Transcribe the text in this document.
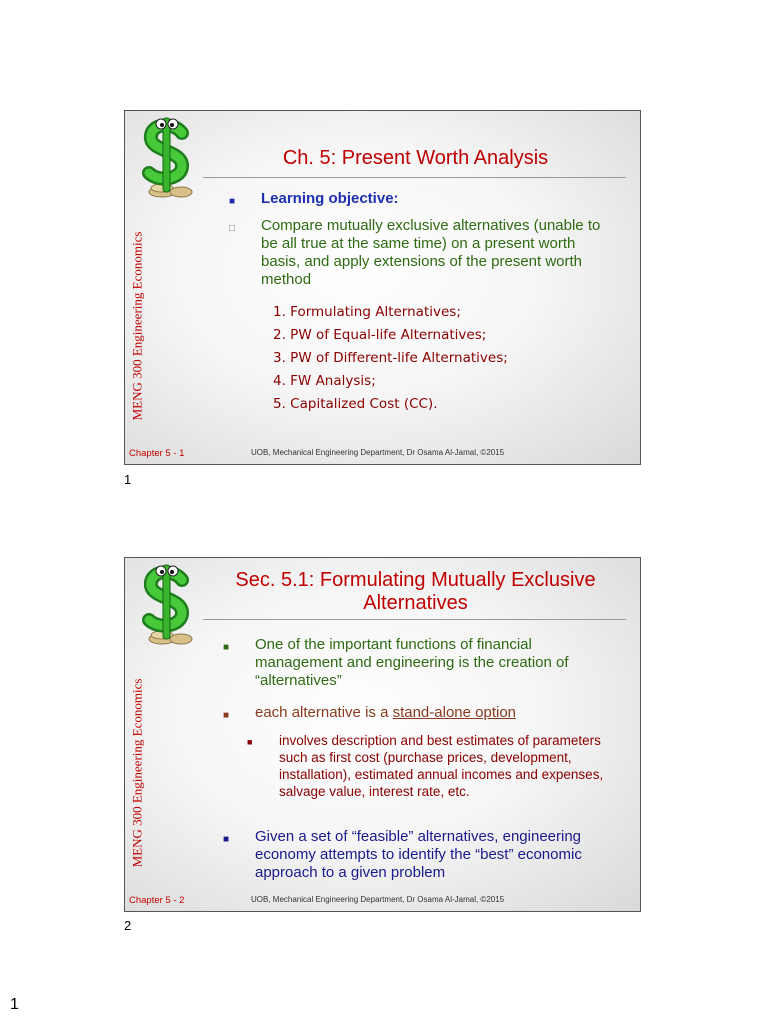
MENG 300 Engineering Economics
Ch. 5: Present Worth Analysis
■ Learning objective:
□ Compare mutually exclusive alternatives (unable to be all true at the same time) on a present worth basis, and apply extensions of the present worth method
1. Formulating Alternatives;
2. PW of Equal-life Alternatives;
3. PW of Different-life Alternatives;
4. FW Analysis;
5. Capitalized Cost (CC).
Chapter 5 - 1	UOB, Mechanical Engineering Department, Dr Osama Al-Jamal, ©2015
1
MENG 300 Engineering Economics
Sec. 5.1: Formulating Mutually Exclusive
Alternatives
■ One of the important functions of financial management and engineering is the creation of “alternatives”
■ each alternative is a stand-alone option
■ involves description and best estimates of parameters such as first cost (purchase prices, development, installation), estimated annual incomes and expenses, salvage value, interest rate, etc.
■ Given a set of “feasible” alternatives, engineering economy attempts to identify the “best” economic approach to a given problem
Chapter 5 - 2	UOB, Mechanical Engineering Department, Dr Osama Al-Jamal, ©2015
2
1
